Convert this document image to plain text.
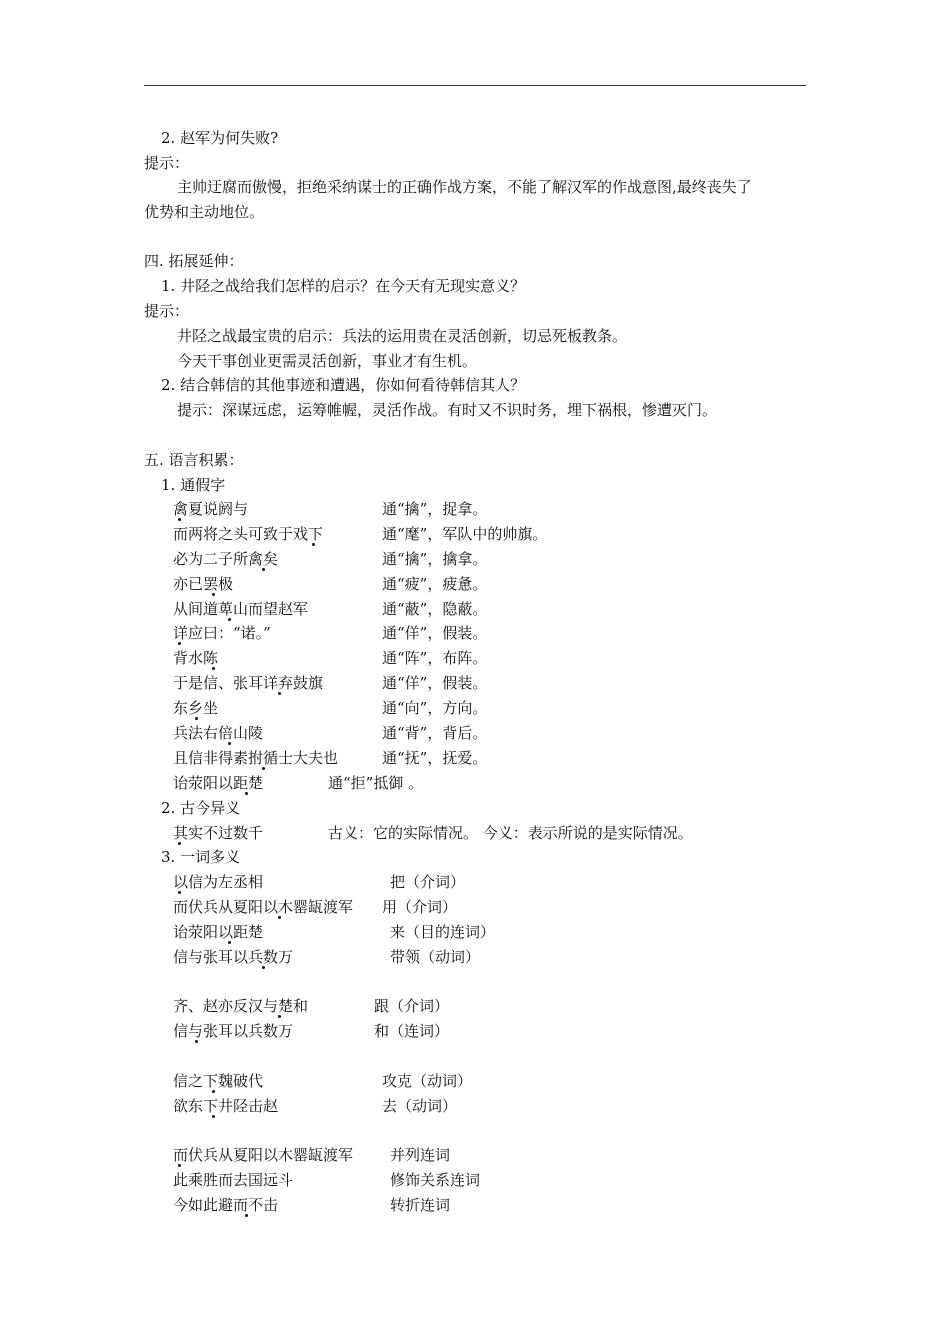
2. 赵军为何失败?
提示：
主帅迂腐而傲慢，拒绝采纳谋士的正确作战方案，不能了解汉军的作战意图,最终丧失了
优势和主动地位。
四. 拓展延伸：
1. 井陉之战给我们怎样的启示？在今天有无现实意义？
提示：
井陉之战最宝贵的启示：兵法的运用贵在灵活创新，切忌死板教条。
今天干事创业更需灵活创新，事业才有生机。
2. 结合韩信的其他事迹和遭遇，你如何看待韩信其人？
提示：深谋远虑，运筹帷幄，灵活作战。有时又不识时务，埋下祸根，惨遭灭门。
五. 语言积累：
1. 通假字
禽夏说阏与	通“擒”，捉拿。
而两将之头可致于戏下	通“麾”，军队中的帅旗。
必为二子所禽矣	通“擒”，擒拿。
亦已罢极	通“疲”，疲惫。
从间道萆山而望赵军	通“蔽”，隐蔽。
详应曰：“诺。”	通“佯”，假装。
背水陈	通“阵”，布阵。
于是信、张耳详弃鼓旗	通“佯”，假装。
东乡坐	通“向”，方向。
兵法右倍山陵	通“背”，背后。
且信非得素拊循士大夫也	通“抚”，抚爱。
诒荥阳以距楚	通“拒”抵御 。
2. 古今异义
其实不过数千	古义：它的实际情况。 今义：表示所说的是实际情况。
3. 一词多义
以信为左丞相	把（介词）
而伏兵从夏阳以木罂缻渡军 用（介词）
诒荥阳以距楚	来（目的连词）
信与张耳以兵数万	带领（动词）
齐、赵亦反汉与楚和	跟（介词）
信与张耳以兵数万	和（连词）
信之下魏破代	攻克（动词）
欲东下井陉击赵	去（动词）
而伏兵从夏阳以木罂缻渡军 并列连词
此乘胜而去国远斗	修饰关系连词
今如此避而不击	转折连词
